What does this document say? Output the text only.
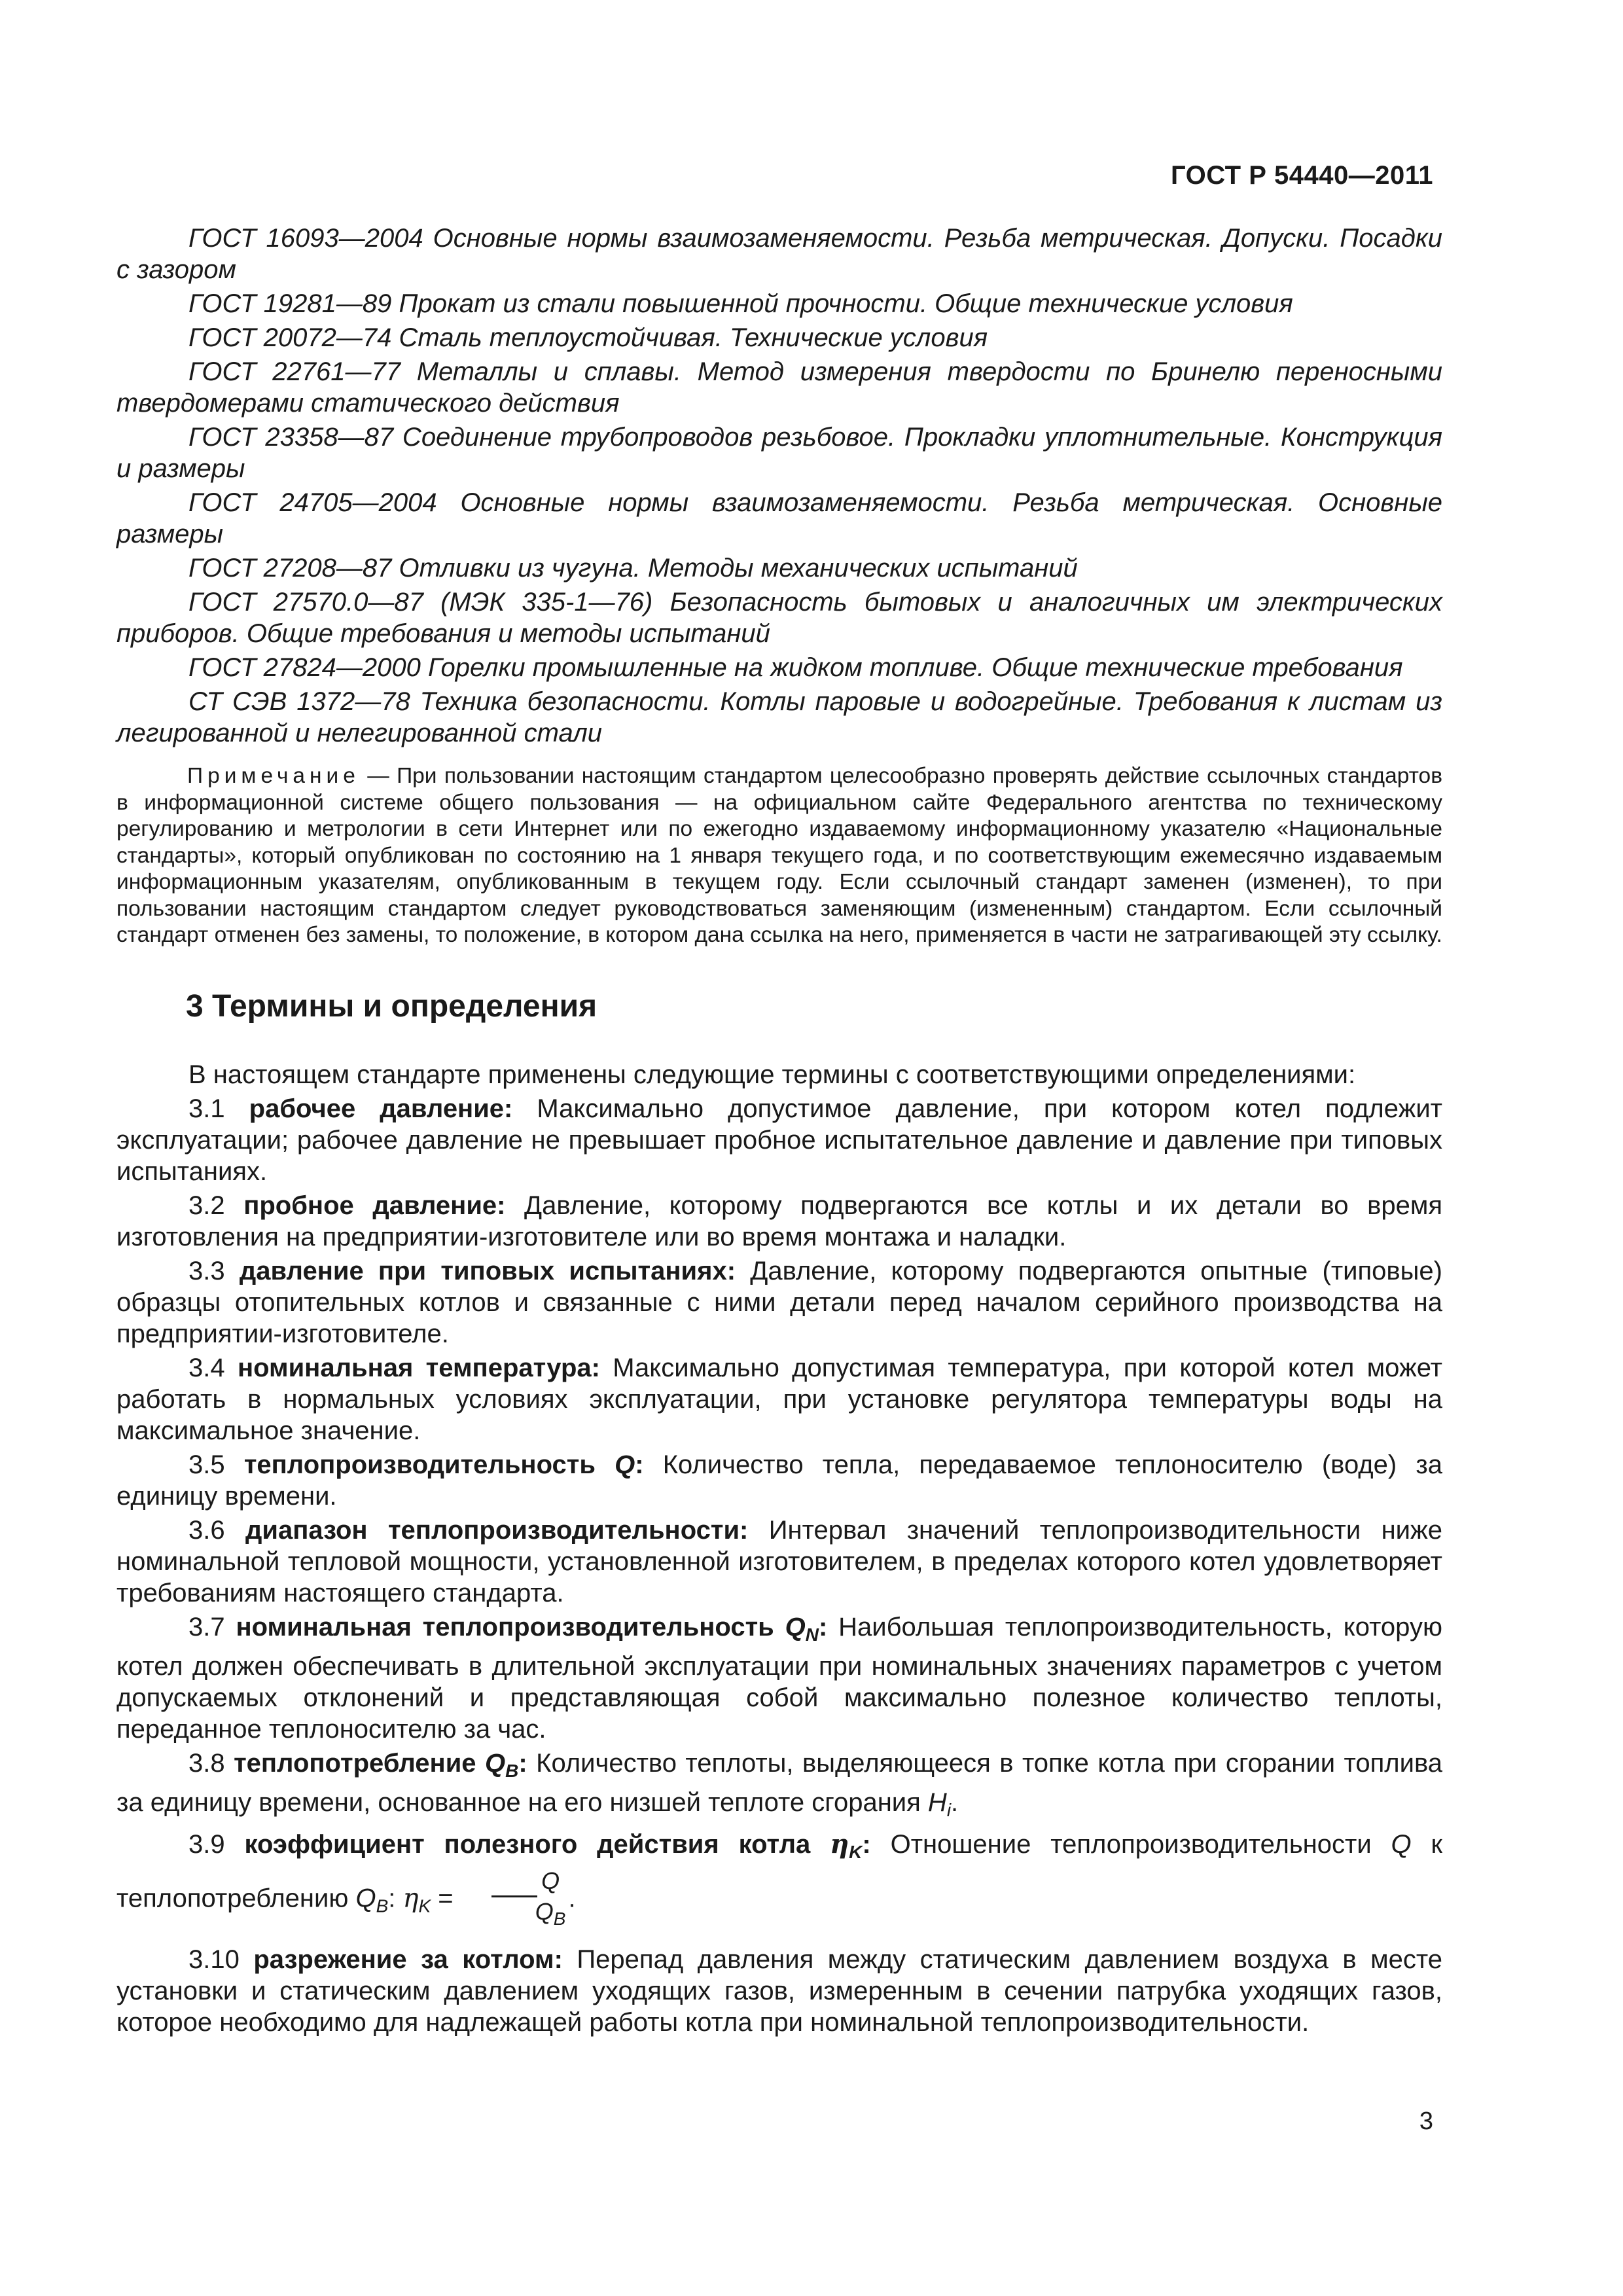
ГОСТ Р 54440—2011

ГОСТ 16093—2004 Основные нормы взаимозаменяемости. Резьба метрическая. Допуски. Посадки с зазором

ГОСТ 19281—89 Прокат из стали повышенной прочности. Общие технические условия

ГОСТ 20072—74 Сталь теплоустойчивая. Технические условия

ГОСТ 22761—77 Металлы и сплавы. Метод измерения твердости по Бринелю переносными твердомерами статического действия

ГОСТ 23358—87 Соединение трубопроводов резьбовое. Прокладки уплотнительные. Конструкция и размеры

ГОСТ 24705—2004 Основные нормы взаимозаменяемости. Резьба метрическая. Основные размеры

ГОСТ 27208—87 Отливки из чугуна. Методы механических испытаний

ГОСТ 27570.0—87 (МЭК 335-1—76) Безопасность бытовых и аналогичных им электрических приборов. Общие требования и методы испытаний

ГОСТ 27824—2000 Горелки промышленные на жидком топливе. Общие технические требования

СТ СЭВ 1372—78 Техника безопасности. Котлы паровые и водогрейные. Требования к листам из легированной и нелегированной стали

Примечание — При пользовании настоящим стандартом целесообразно проверять действие ссылочных стандартов в информационной системе общего пользования — на официальном сайте Федерального агентства по техническому регулированию и метрологии в сети Интернет или по ежегодно издаваемому информационному указателю «Национальные стандарты», который опубликован по состоянию на 1 января текущего года, и по соответствующим ежемесячно издаваемым информационным указателям, опубликованным в текущем году. Если ссылочный стандарт заменен (изменен), то при пользовании настоящим стандартом следует руководствоваться заменяющим (измененным) стандартом. Если ссылочный стандарт отменен без замены, то положение, в котором дана ссылка на него, применяется в части не затрагивающей эту ссылку.

3 Термины и определения

В настоящем стандарте применены следующие термины с соответствующими определениями:

3.1 рабочее давление: Максимально допустимое давление, при котором котел подлежит эксплуатации; рабочее давление не превышает пробное испытательное давление и давление при типовых испытаниях.

3.2 пробное давление: Давление, которому подвергаются все котлы и их детали во время изготовления на предприятии-изготовителе или во время монтажа и наладки.

3.3 давление при типовых испытаниях: Давление, которому подвергаются опытные (типовые) образцы отопительных котлов и связанные с ними детали перед началом серийного производства на предприятии-изготовителе.

3.4 номинальная температура: Максимально допустимая температура, при которой котел может работать в нормальных условиях эксплуатации, при установке регулятора температуры воды на максимальное значение.

3.5 теплопроизводительность Q: Количество тепла, передаваемое теплоносителю (воде) за единицу времени.

3.6 диапазон теплопроизводительности: Интервал значений теплопроизводительности ниже номинальной тепловой мощности, установленной изготовителем, в пределах которого котел удовлетворяет требованиям настоящего стандарта.

3.7 номинальная теплопроизводительность $Q_N$: Наибольшая теплопроизводительность, которую котел должен обеспечивать в длительной эксплуатации при номинальных значениях параметров с учетом допускаемых отклонений и представляющая собой максимально полезное количество теплоты, переданное теплоносителю за час.

3.8 теплопотребление $Q_B$: Количество теплоты, выделяющееся в топке котла при сгорании топлива за единицу времени, основанное на его низшей теплоте сгорания $H_i$.

3.9 коэффициент полезного действия котла $\eta_K$: Отношение теплопроизводительности Q к теплопотреблению $Q_B$: $\eta_K = \frac{Q}{Q_B}$ .

3.10 разрежение за котлом: Перепад давления между статическим давлением воздуха в месте установки и статическим давлением уходящих газов, измеренным в сечении патрубка уходящих газов, которое необходимо для надлежащей работы котла при номинальной теплопроизводительности.

3
